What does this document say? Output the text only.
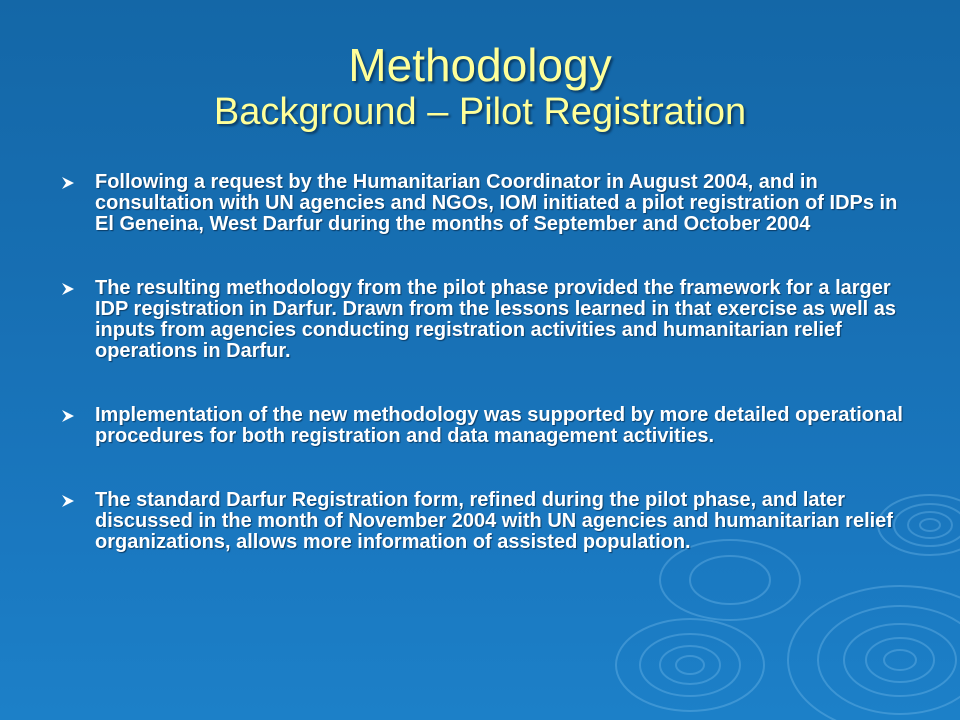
Methodology
Background – Pilot Registration
Following a request by the Humanitarian Coordinator in August 2004, and in consultation with UN agencies and NGOs, IOM initiated a pilot registration of IDPs in El Geneina, West Darfur during the months of September and October 2004
The resulting methodology from the pilot phase provided the framework for a larger IDP registration in Darfur. Drawn from the lessons learned in that exercise as well as inputs from agencies conducting registration activities and humanitarian relief operations in Darfur.
Implementation of the new methodology was supported by more detailed operational procedures for both registration and data management activities.
The standard Darfur Registration form, refined during the pilot phase, and later discussed in the month of November 2004 with UN agencies and humanitarian relief organizations, allows more information of assisted population.
